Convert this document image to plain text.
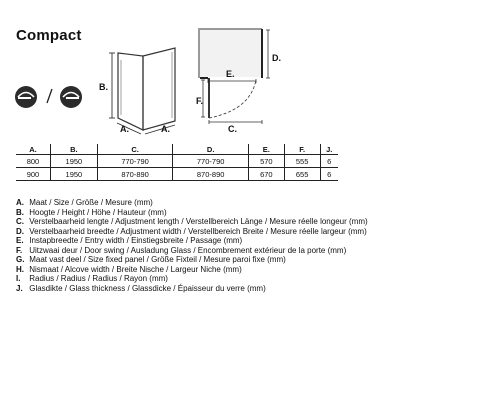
Compact
B.
A.	A.
E.
D.
F.
C.
A.	B.	C.	D.	E.	F.	J.
800	1950	770-790	770-790	570	555	6
900	1950	870-890	870-890	670	655	6
A. Maat / Size / Größe / Mesure (mm)
B. Hoogte / Height / Höhe / Hauteur (mm)
C. Verstelbaarheid lengte / Adjustment length / Verstellbereich Länge / Mesure réelle longeur (mm)
D. Verstelbaarheid breedte / Adjustment width / Verstellbereich Breite / Mesure réelle largeur (mm)
E. Instapbreedte / Entry width / Einstiegsbreite / Passage (mm)
F. Uitzwaai deur / Door swing / Ausladung Glass / Encombrement extérieur de la porte (mm)
G. Maat vast deel / Size fixed panel / Größe Fixteil / Mesure paroi fixe (mm)
H. Nismaat / Alcove width / Breite Nische / Largeur Niche (mm)
I. Radius / Radius / Radius / Rayon (mm)
J. Glasdikte / Glass thickness / Glassdicke / Épaisseur du verre (mm)
